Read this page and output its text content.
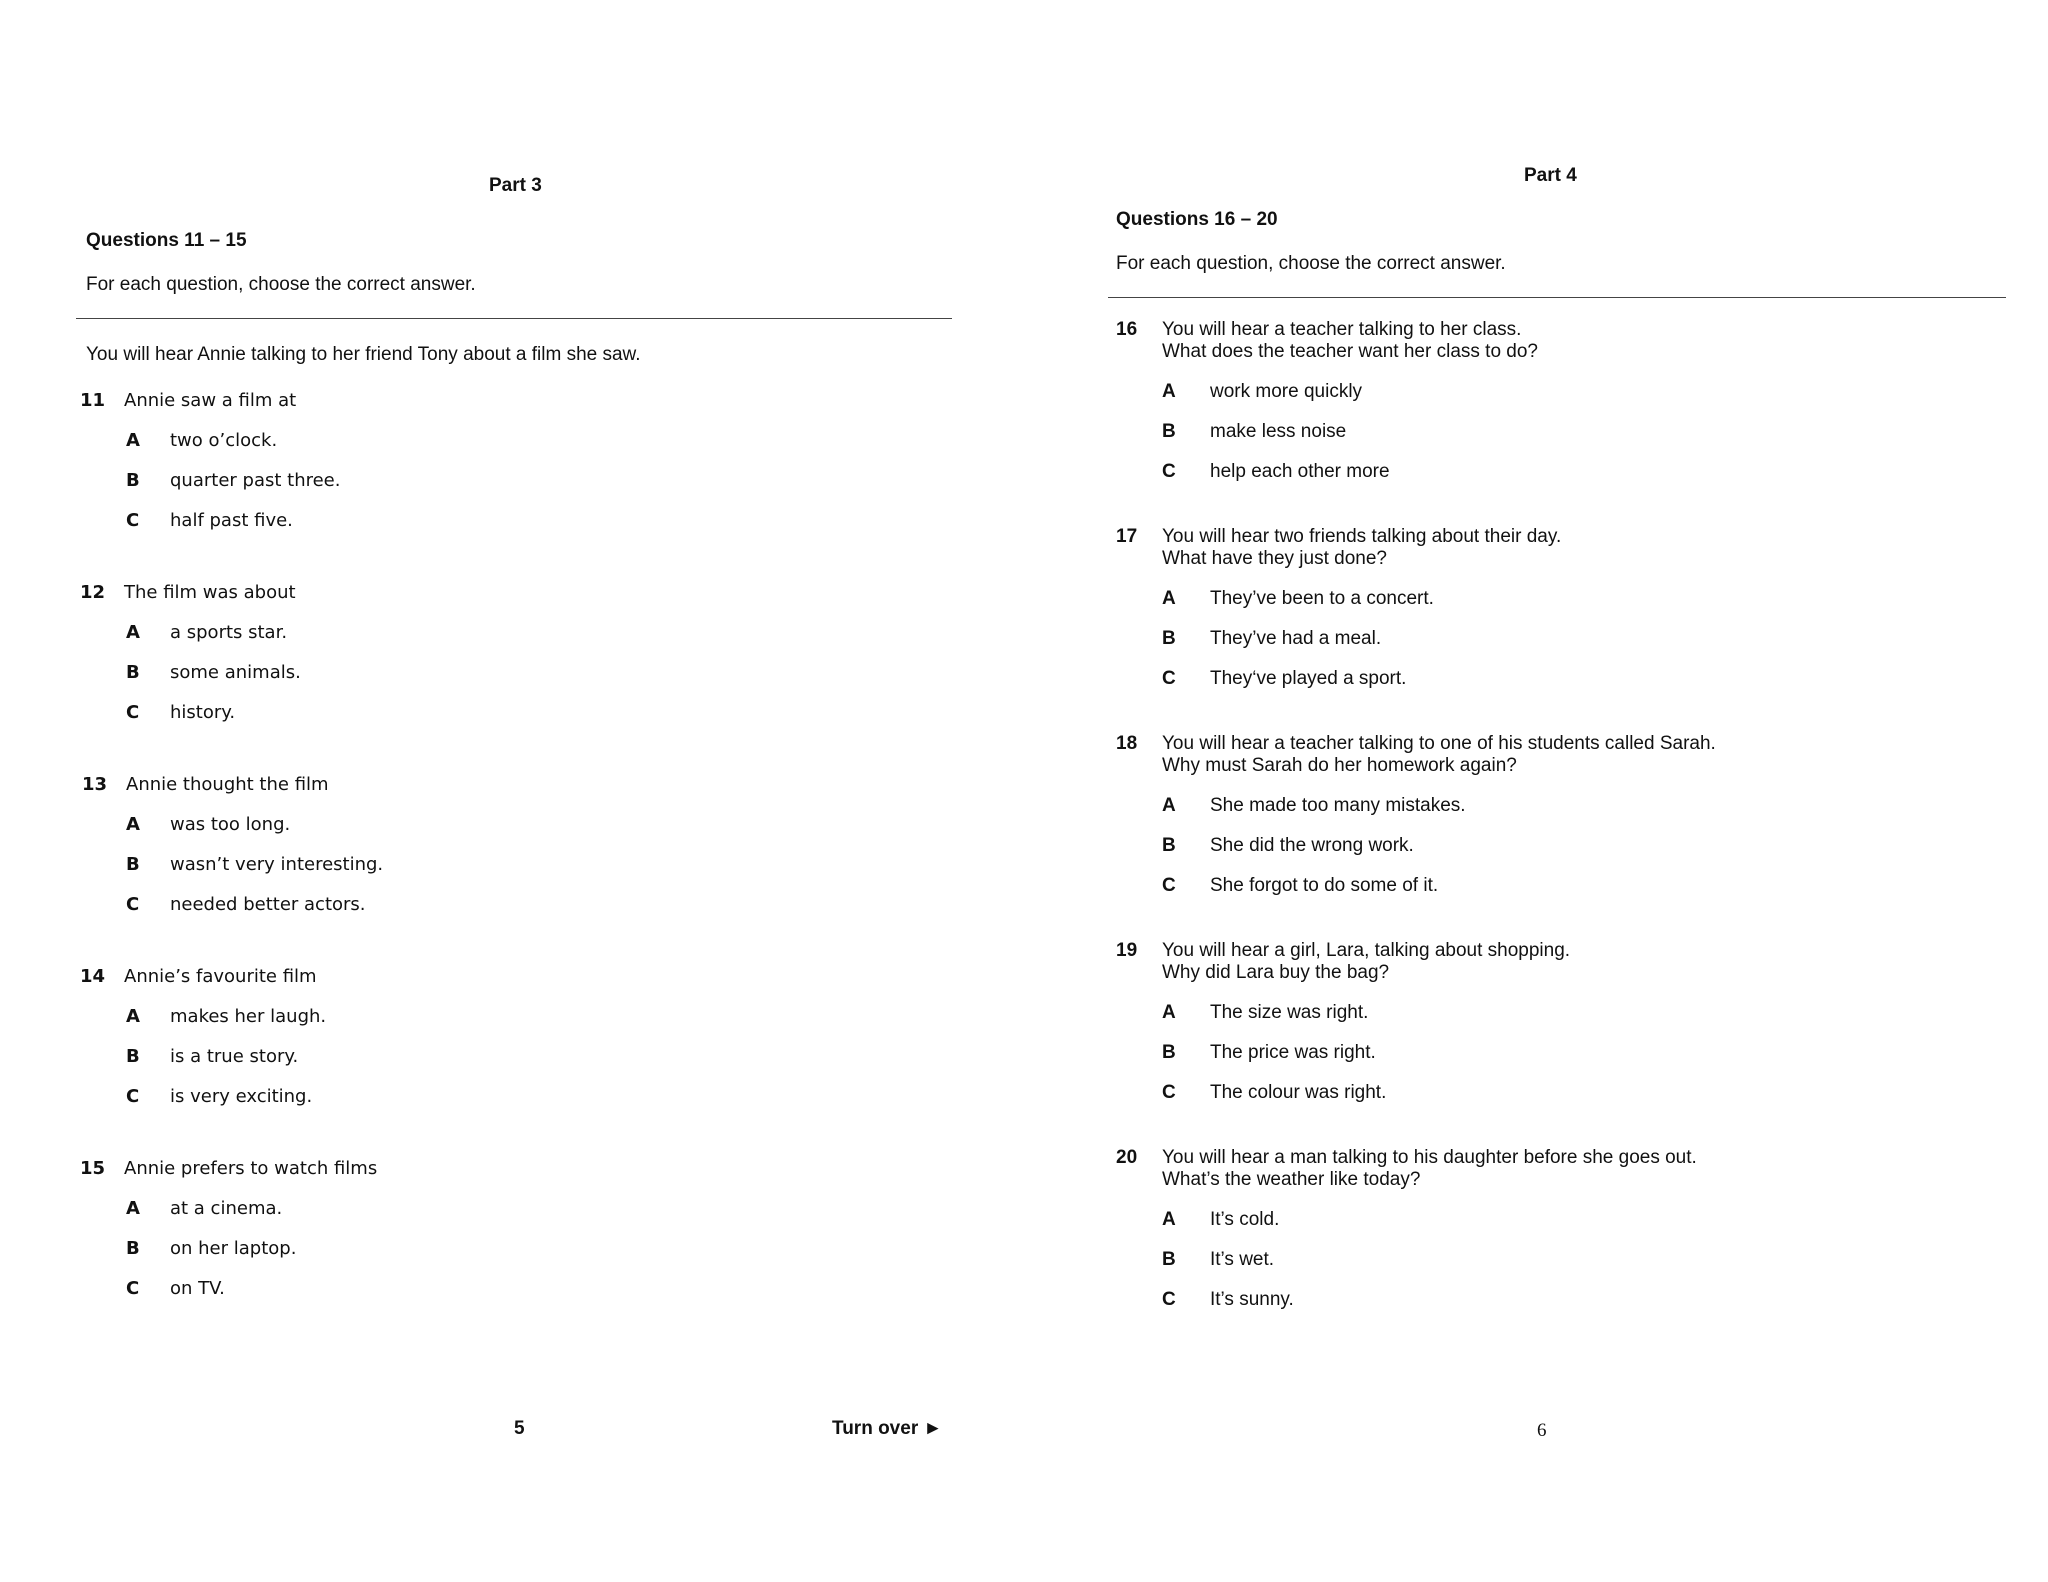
Part 3
Questions 11 – 15
For each question, choose the correct answer.
You will hear Annie talking to her friend Tony about a film she saw.
11 Annie saw a film at
A two o’clock.
B quarter past three.
C half past five.
12 The film was about
A a sports star.
B some animals.
C history.
13 Annie thought the film
A was too long.
B wasn’t very interesting.
C needed better actors.
14 Annie’s favourite film
A makes her laugh.
B is a true story.
C is very exciting.
15 Annie prefers to watch films
A at a cinema.
B on her laptop.
C on TV.
5	Turn over ►
Part 4
Questions 16 – 20
For each question, choose the correct answer.
16 You will hear a teacher talking to her class.
What does the teacher want her class to do?
A work more quickly
B make less noise
C help each other more
17 You will hear two friends talking about their day.
What have they just done?
A They’ve been to a concert.
B They’ve had a meal.
C They‘ve played a sport.
18 You will hear a teacher talking to one of his students called Sarah.
Why must Sarah do her homework again?
A She made too many mistakes.
B She did the wrong work.
C She forgot to do some of it.
19 You will hear a girl, Lara, talking about shopping.
Why did Lara buy the bag?
A The size was right.
B The price was right.
C The colour was right.
20 You will hear a man talking to his daughter before she goes out.
What’s the weather like today?
A It’s cold.
B It’s wet.
C It’s sunny.
6
